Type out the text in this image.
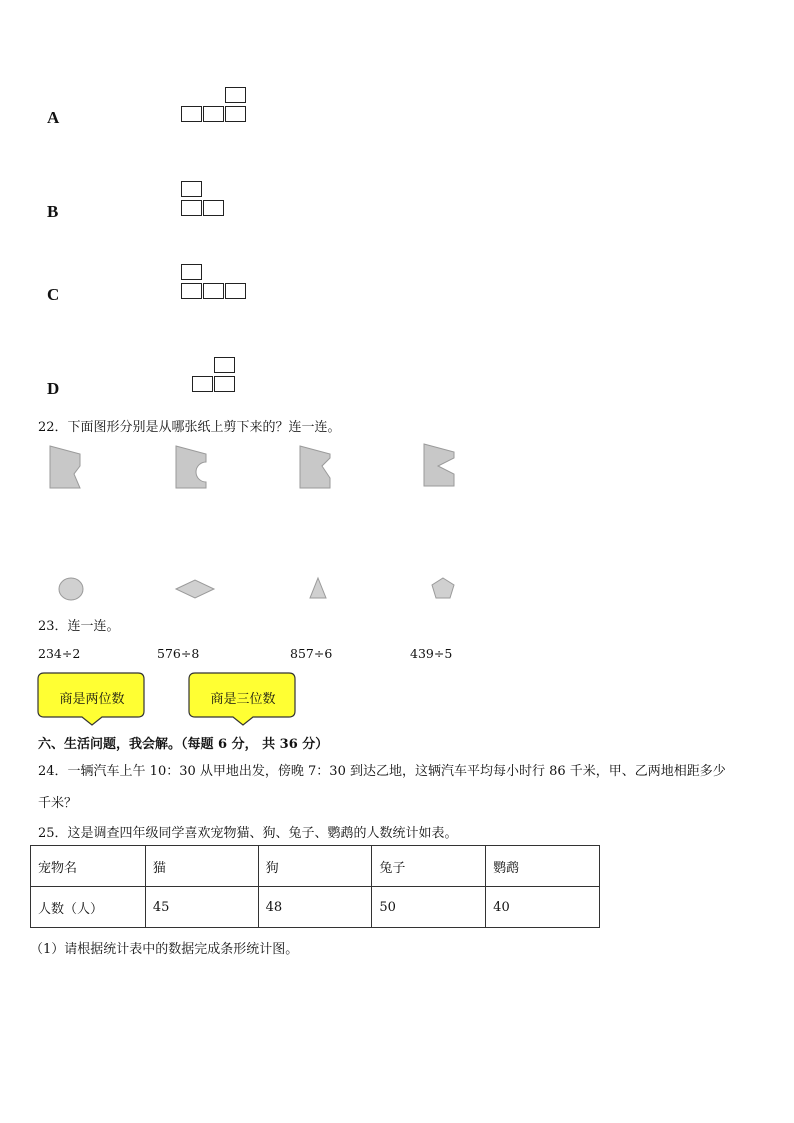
A
B
C
D
22．下面图形分别是从哪张纸上剪下来的？连一连。
23．连一连。
234÷2	576÷8	857÷6	439÷5
商是两位数	商是三位数
六、生活问题，我会解。（每题 6 分， 共 36 分）
24．一辆汽车上午 10：30 从甲地出发，傍晚 7：30 到达乙地，这辆汽车平均每小时行 86 千米，甲、乙两地相距多少
千米？
25．这是调查四年级同学喜欢宠物猫、狗、兔子、鹦鹉的人数统计如表。
宠物名	猫	狗	兔子	鹦鹉
人数（人）	45	48	50	40
（1）请根据统计表中的数据完成条形统计图。
